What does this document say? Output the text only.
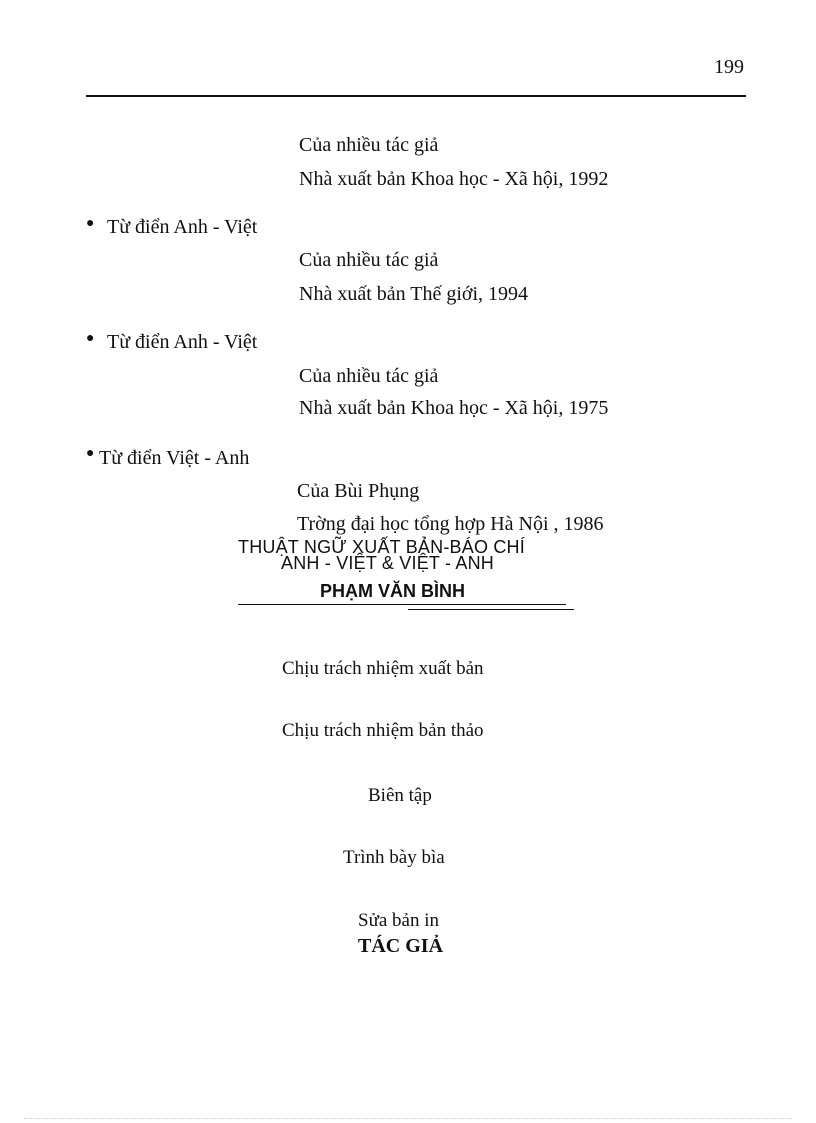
199
Của nhiều tác giả
Nhà xuất bản Khoa học - Xã hội, 1992
● Từ điển Anh - Việt
Của nhiều tác giả
Nhà xuất bản Thế giới, 1994
● Từ điển Anh - Việt
Của nhiều tác giả
Nhà xuất bản Khoa học - Xã hội, 1975
● Từ điển Việt - Anh
Của Bùi Phụng
Trờng đại học tổng hợp Hà Nội , 1986
THUẬT NGỮ XUẤT BẢN-BÁO CHÍ
ANH - VIỆT & VIỆT - ANH
PHẠM VĂN BÌNH
Chịu trách nhiệm xuất bản
Chịu trách nhiệm bản thảo
Biên tập
Trình bày bìa
Sửa bản in
TÁC GIẢ
